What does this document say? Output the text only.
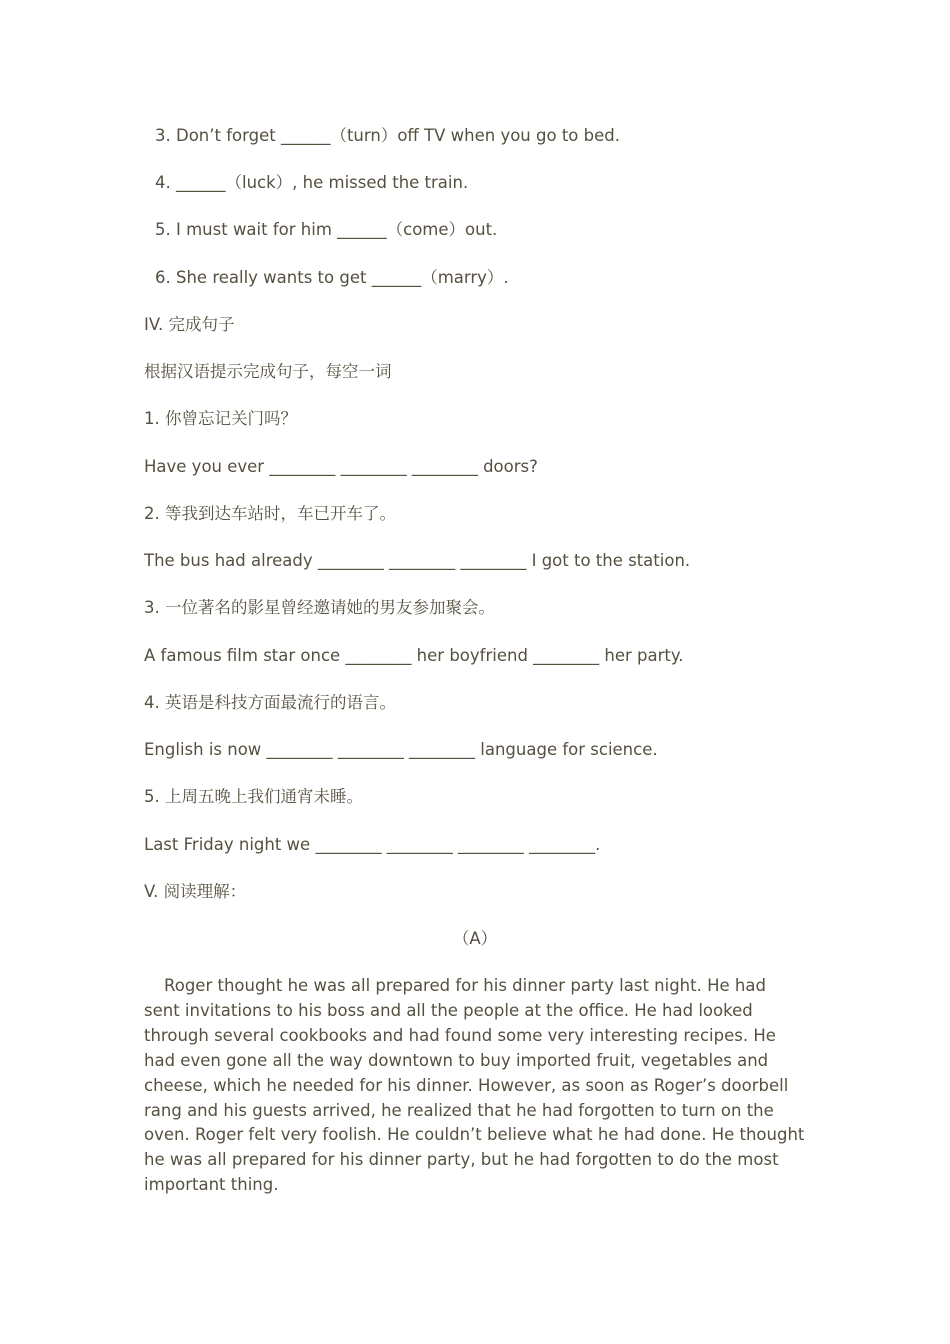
3. Don’t forget ______（turn）off TV when you go to bed.
4. ______（luck）, he missed the train.
5. I must wait for him ______（come）out.
6. She really wants to get ______（marry）.
IV. 完成句子
根据汉语提示完成句子，每空一词
1. 你曾忘记关门吗？
Have you ever ________ ________ ________ doors?
2. 等我到达车站时，车已开车了。
The bus had already ________ ________ ________ I got to the station.
3. 一位著名的影星曾经邀请她的男友参加聚会。
A famous film star once ________ her boyfriend ________ her party.
4. 英语是科技方面最流行的语言。
English is now ________ ________ ________ language for science.
5. 上周五晚上我们通宵未睡。
Last Friday night we ________ ________ ________ ________.
V. 阅读理解：
（A）
Roger thought he was all prepared for his dinner party last night. He had sent invitations to his boss and all the people at the office. He had looked through several cookbooks and had found some very interesting recipes. He had even gone all the way downtown to buy imported fruit, vegetables and cheese, which he needed for his dinner. However, as soon as Roger’s doorbell rang and his guests arrived, he realized that he had forgotten to turn on the oven. Roger felt very foolish. He couldn’t believe what he had done. He thought he was all prepared for his dinner party, but he had forgotten to do the most important thing.
